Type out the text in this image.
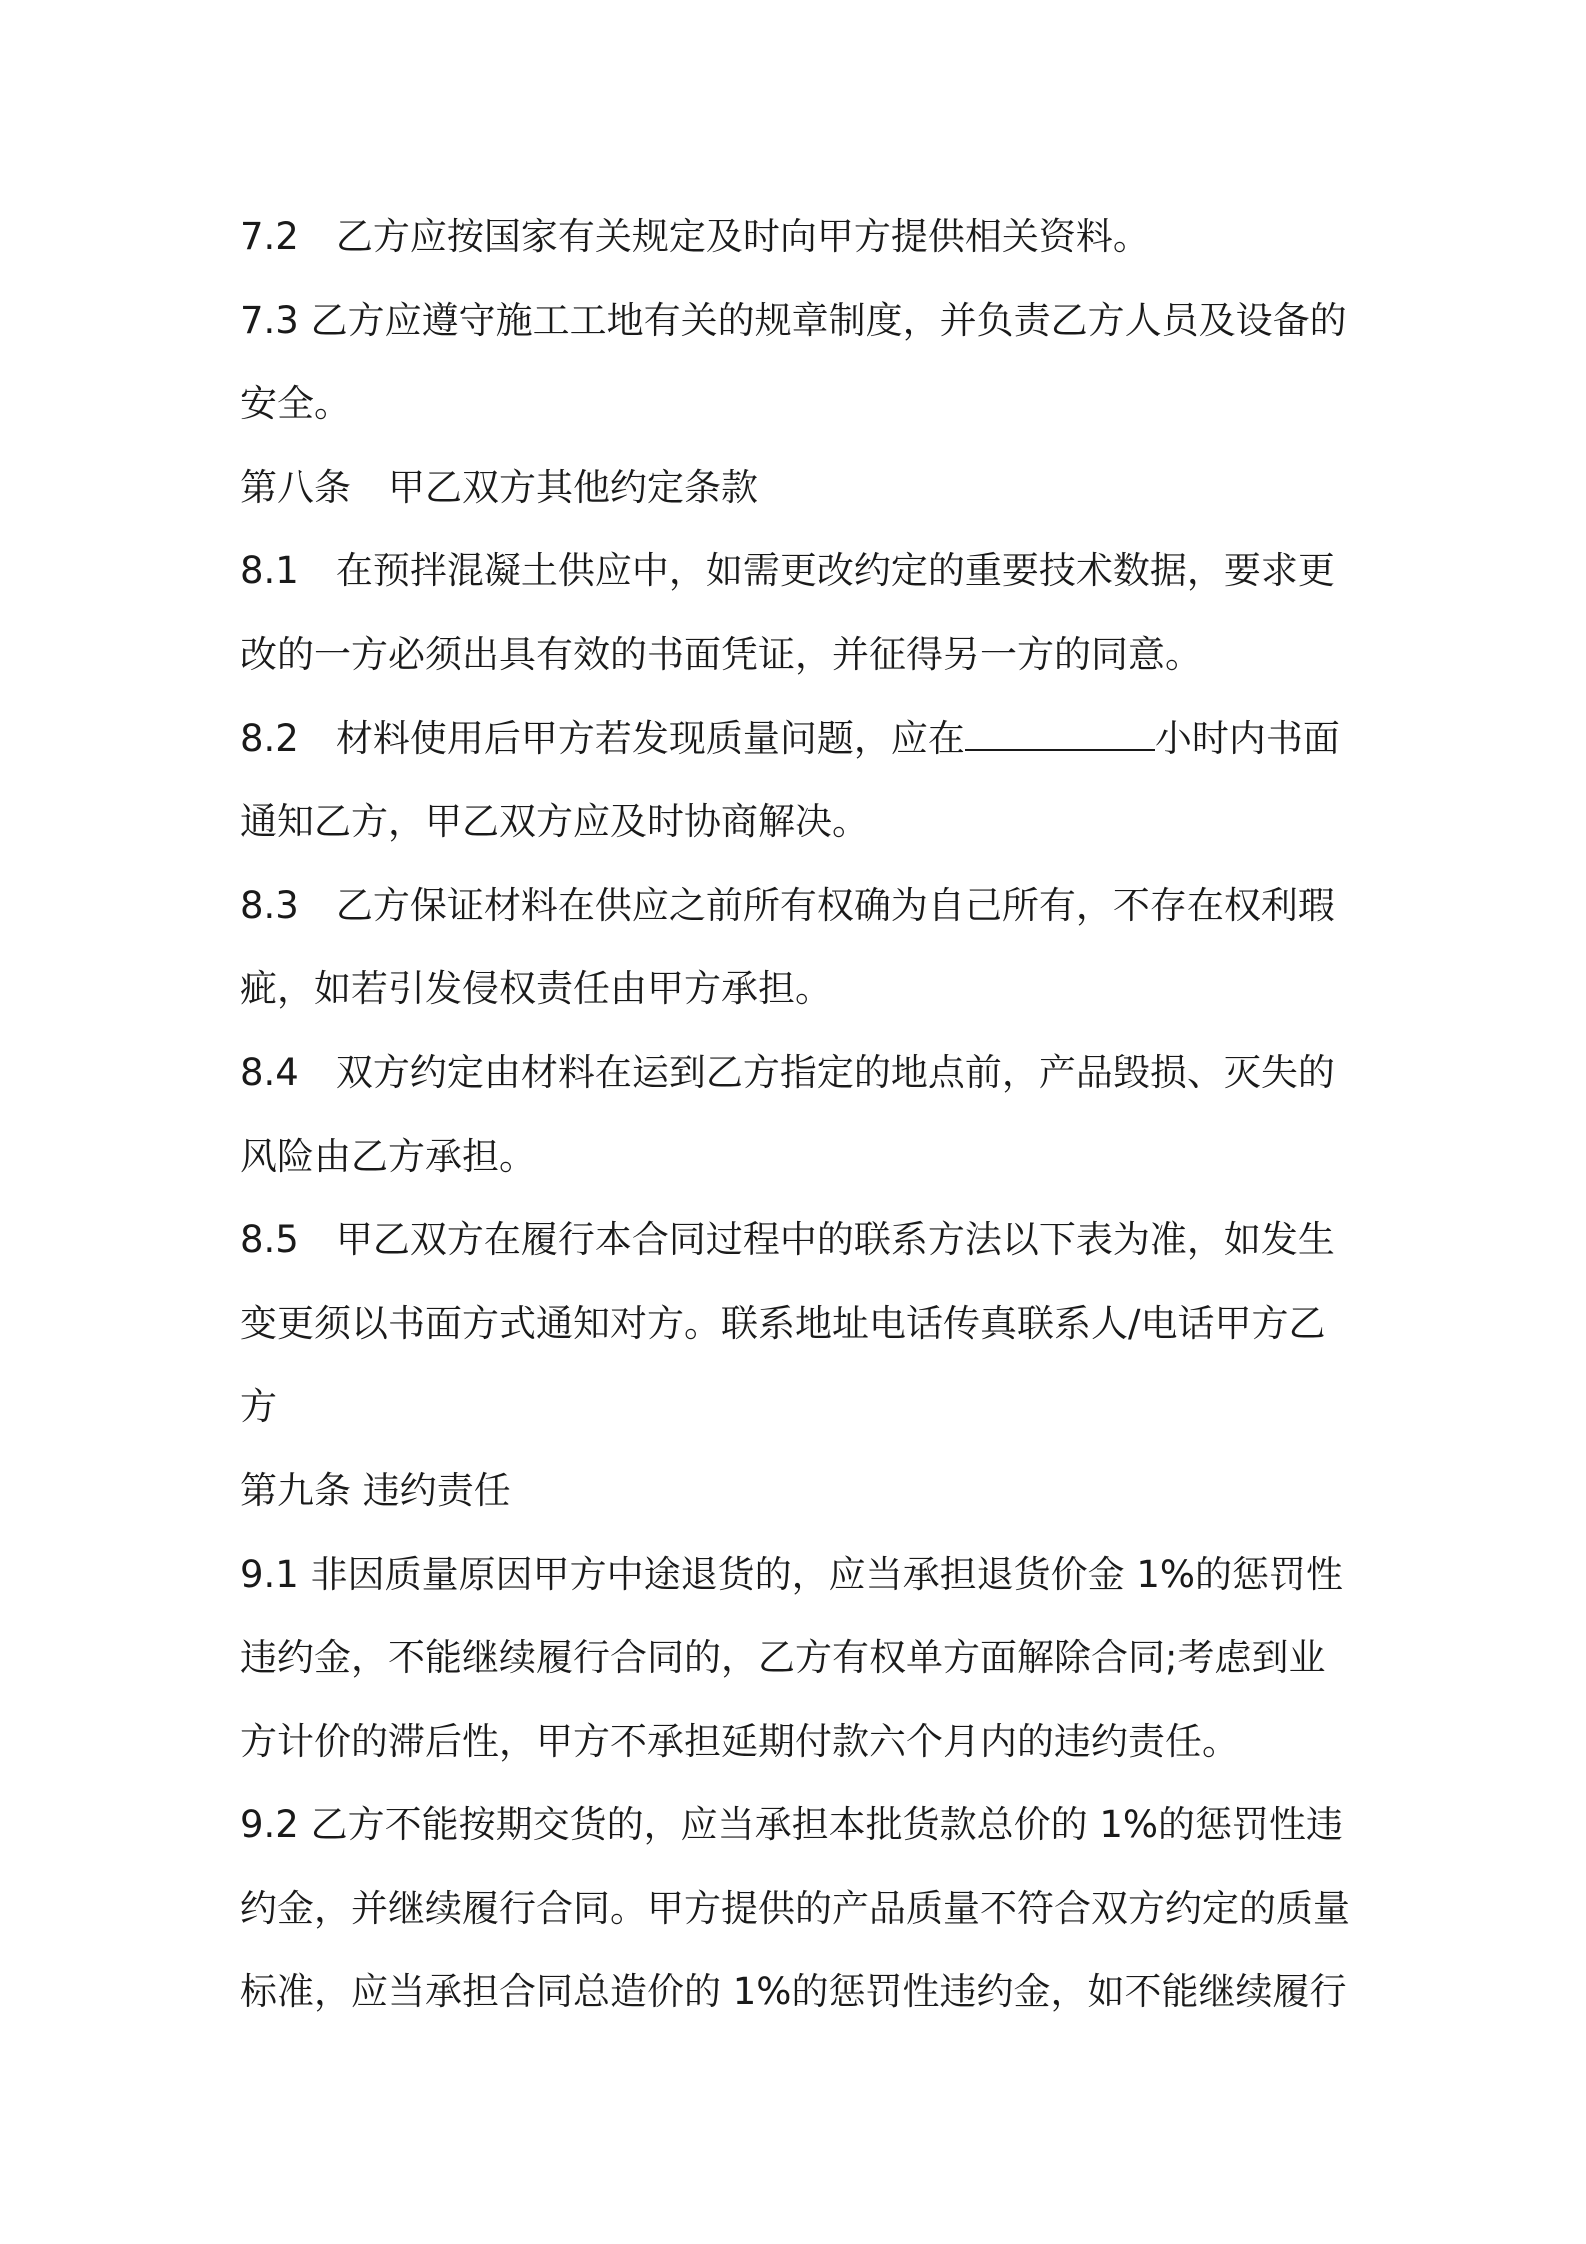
7.2　乙方应按国家有关规定及时向甲方提供相关资料。
7.3 乙方应遵守施工工地有关的规章制度，并负责乙方人员及设备的
安全。
第八条　甲乙双方其他约定条款
8.1　在预拌混凝土供应中，如需更改约定的重要技术数据，要求更
改的一方必须出具有效的书面凭证，并征得另一方的同意。
8.2　材料使用后甲方若发现质量问题，应在	小时内书面
通知乙方，甲乙双方应及时协商解决。
8.3　乙方保证材料在供应之前所有权确为自己所有，不存在权利瑕
疵，如若引发侵权责任由甲方承担。
8.4　双方约定由材料在运到乙方指定的地点前，产品毁损、灭失的
风险由乙方承担。
8.5　甲乙双方在履行本合同过程中的联系方法以下表为准，如发生
变更须以书面方式通知对方。联系地址电话传真联系人/电话甲方乙
方
第九条 违约责任
9.1 非因质量原因甲方中途退货的，应当承担退货价金 1%的惩罚性
违约金，不能继续履行合同的，乙方有权单方面解除合同;考虑到业
方计价的滞后性，甲方不承担延期付款六个月内的违约责任。
9.2 乙方不能按期交货的，应当承担本批货款总价的 1%的惩罚性违
约金，并继续履行合同。甲方提供的产品质量不符合双方约定的质量
标准，应当承担合同总造价的 1%的惩罚性违约金，如不能继续履行
